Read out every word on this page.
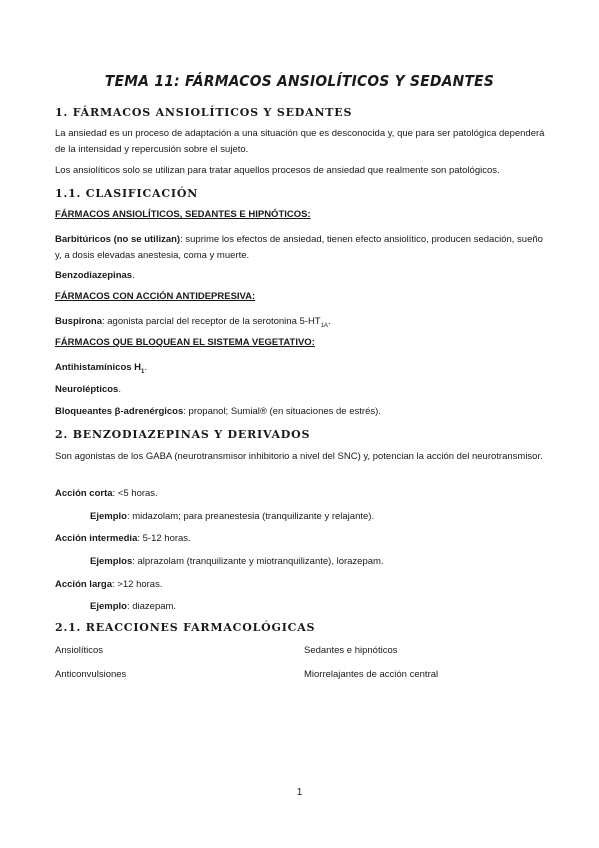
TEMA 11: FÁRMACOS ANSIOLÍTICOS Y SEDANTES
1. FÁRMACOS ANSIOLÍTICOS Y SEDANTES
La ansiedad es un proceso de adaptación a una situación que es desconocida y, que para ser patológica dependerá de la intensidad y repercusión sobre el sujeto.
Los ansiolíticos solo se utilizan para tratar aquellos procesos de ansiedad que realmente son patológicos.
1.1. CLASIFICACIÓN
FÁRMACOS ANSIOLÍTICOS, SEDANTES E HIPNÓTICOS:
Barbitúricos (no se utilizan): suprime los efectos de ansiedad, tienen efecto ansiolítico, producen sedación, sueño y, a dosis elevadas anestesia, coma y muerte.
Benzodiazepinas.
FÁRMACOS CON ACCIÓN ANTIDEPRESIVA:
Buspirona: agonista parcial del receptor de la serotonina $5-HT_{1A}$.
FÁRMACOS QUE BLOQUEAN EL SISTEMA VEGETATIVO:
Antihistamínicos $H_1$.
Neurolépticos.
Bloqueantes β-adrenérgicos: propanol; Sumial® (en situaciones de estrés).
2. BENZODIAZEPINAS Y DERIVADOS
Son agonistas de los GABA (neurotransmisor inhibitorio a nivel del SNC) y, potencian la acción del neurotransmisor.
Acción corta: <5 horas.
Ejemplo: midazolam; para preanestesia (tranquilizante y relajante).
Acción intermedia: 5-12 horas.
Ejemplos: alprazolam (tranquilizante y miotranquilizante), lorazepam.
Acción larga: >12 horas.
Ejemplo: diazepam.
2.1. REACCIONES FARMACOLÓGICAS
Ansiolíticos	Sedantes e hipnóticos
Anticonvulsiones	Miorrelajantes de acción central
1
